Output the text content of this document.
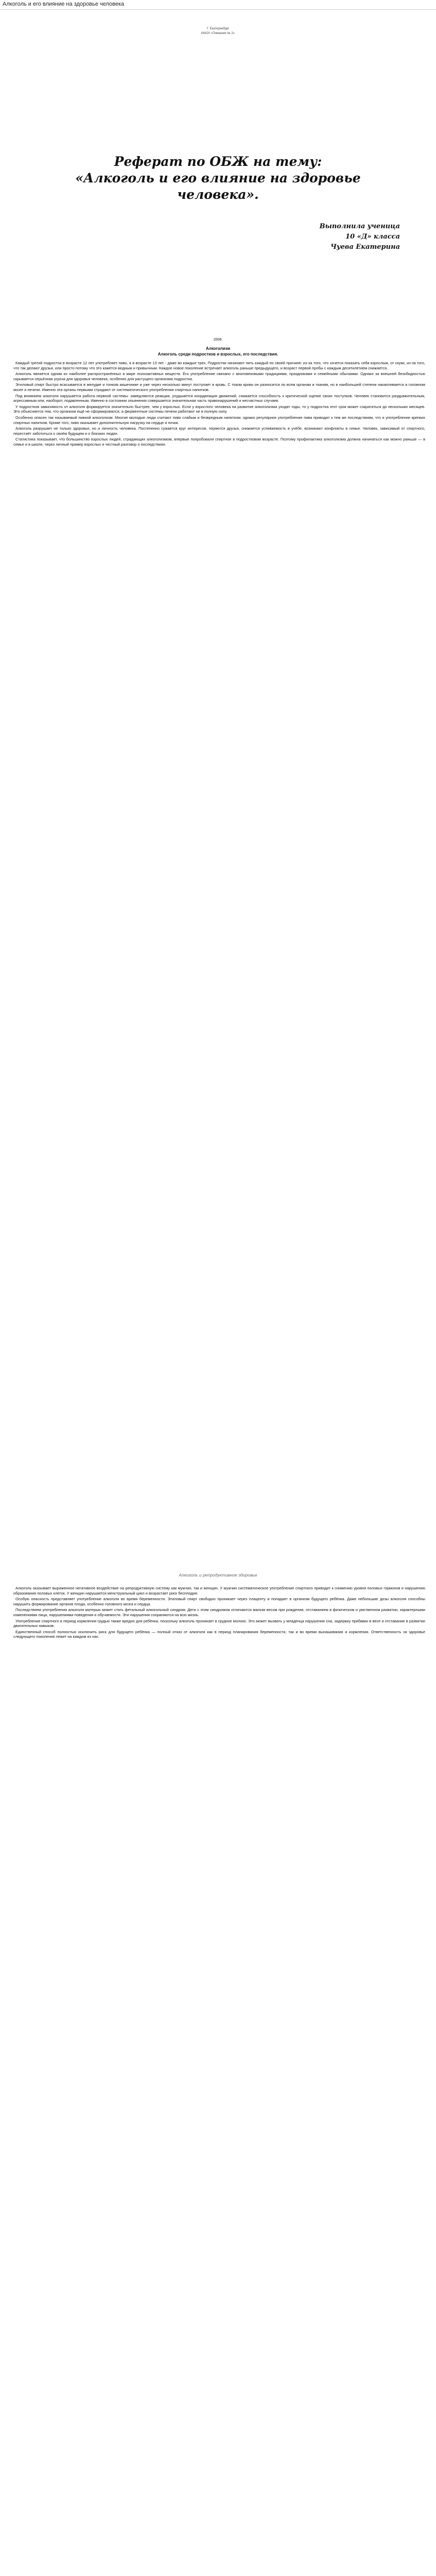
Алкоголь и его влияние на здоровье человека
Г. Екатеринбург
МАОУ «Гимназия № 2»
Реферат по ОБЖ на тему:
«Алкоголь и его влияние на здоровье
человека».
Выполнила ученица
10 «Д» класса
Чуева Екатерина
2008.
Алкоголизм
Алкоголь среди подростков и взрослых, его последствия.

Каждый третий подросток в возрасте 12 лет употребляет пиво, а в возрасте 13 лет - даже во каждые трех. Подростки начинают пить каждый по своей причине: из-за того, что хочется показать себя взрослым, от скуки, из-за того, что так делают друзья, или просто потому что это кажется модным и привычным. Каждое новое поколение встречает алкоголь раньше предыдущего, и возраст первой пробы с каждым десятилетием снижается.

Алкоголь является одним из наиболее распространённых в мире психоактивных веществ. Его употребление связано с многовековыми традициями, праздниками и семейными обычаями. Однако за внешней безобидностью скрывается серьёзная угроза для здоровья человека, особенно для растущего организма подростка.

Этиловый спирт быстро всасывается в желудке и тонком кишечнике и уже через несколько минут поступает в кровь. С током крови он разносится по всем органам и тканям, но в наибольшей степени накапливается в головном мозге и печени. Именно эти органы первыми страдают от систематического употребления спиртных напитков.

Под влиянием алкоголя нарушается работа нервной системы: замедляются реакции, ухудшается координация движений, снижается способность к критической оценке своих поступков. Человек становится раздражительным, агрессивным или, наоборот, подавленным. Именно в состоянии опьянения совершается значительная часть правонарушений и несчастных случаев.

У подростков зависимость от алкоголя формируется значительно быстрее, чем у взрослых. Если у взрослого человека на развитие алкоголизма уходят годы, то у подростка этот срок может сократиться до нескольких месяцев. Это объясняется тем, что организм ещё не сформировался, а ферментные системы печени работают не в полную силу.

Особенно опасен так называемый пивной алкоголизм. Многие молодые люди считают пиво слабым и безвредным напитком, однако регулярное употребление пива приводит к тем же последствиям, что и употребление крепких спиртных напитков. Кроме того, пиво оказывает дополнительную нагрузку на сердце и почки.

Алкоголь разрушает не только здоровье, но и личность человека. Постепенно сужается круг интересов, теряются друзья, снижается успеваемость в учёбе, возникают конфликты в семье. Человек, зависимый от спиртного, перестаёт заботиться о своём будущем и о близких людях.

Статистика показывает, что большинство взрослых людей, страдающих алкоголизмом, впервые попробовали спиртное в подростковом возрасте. Поэтому профилактика алкоголизма должна начинаться как можно раньше — в семье и в школе, через личный пример взрослых и честный разговор о последствиях.

Алкоголь и репродуктивное здоровье

Алкоголь оказывает выраженное негативное воздействие на репродуктивную систему как мужчин, так и женщин. У мужчин систематическое употребление спиртного приводит к снижению уровня половых гормонов и нарушению образования половых клеток. У женщин нарушается менструальный цикл и возрастает риск бесплодия.

Особую опасность представляет употребление алкоголя во время беременности. Этиловый спирт свободно проникает через плаценту и попадает в организм будущего ребёнка. Даже небольшие дозы алкоголя способны нарушить формирование органов плода, особенно головного мозга и сердца.

Последствием употребления алкоголя матерью может стать фетальный алкогольный синдром. Дети с этим синдромом отличаются малым весом при рождении, отставанием в физическом и умственном развитии, характерными изменениями лица, нарушениями поведения и обучаемости. Эти нарушения сохраняются на всю жизнь.

Употребление спиртного в период кормления грудью также вредно для ребёнка, поскольку алкоголь проникает в грудное молоко. Это может вызвать у младенца нарушения сна, задержку прибавки в весе и отставание в развитии двигательных навыков.

Единственный способ полностью исключить риск для будущего ребёнка — полный отказ от алкоголя как в период планирования беременности, так и во время вынашивания и кормления. Ответственность за здоровье следующего поколения лежит на каждом из нас.
